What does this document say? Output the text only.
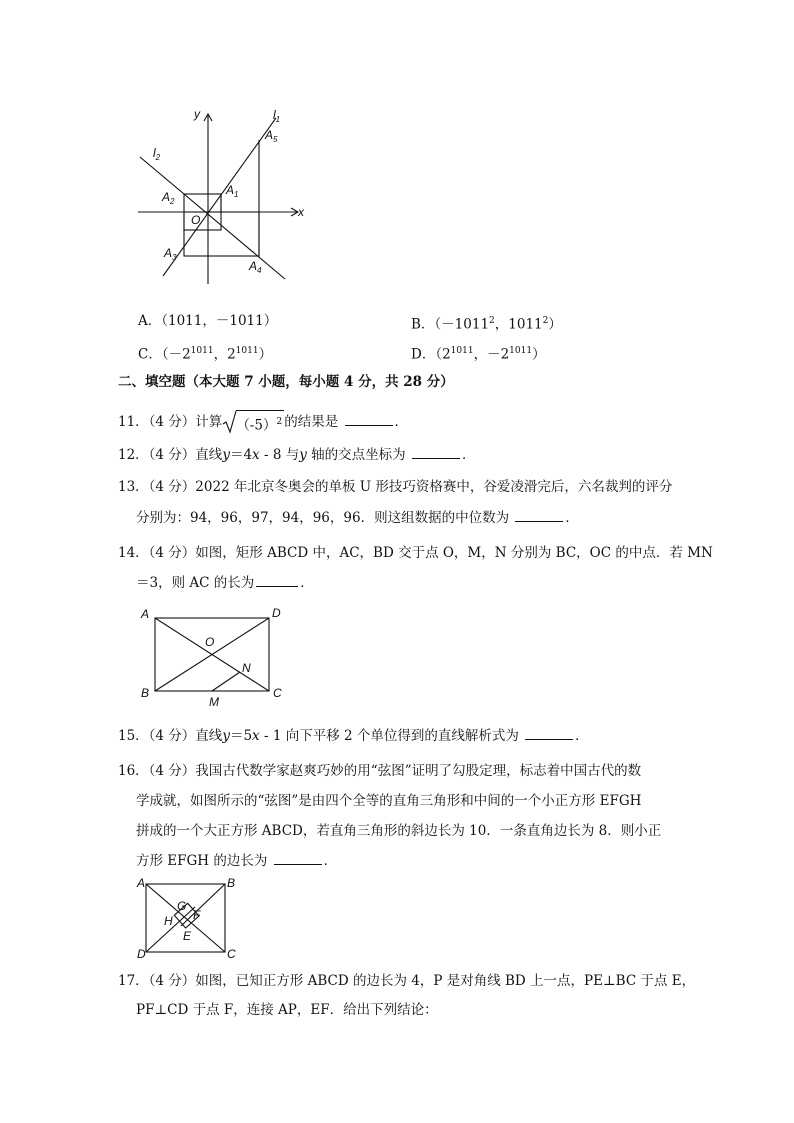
y
x
$l_1$
$l_2$
$A_5$
$A_1$
$A_2$
O
$A_3$
$A_4$
A．（1011，－1011）	B．（$-1011^2$，1011$^2$）
C．（$-2^{1011}$，$2^{1011}$）	D．（$2^{1011}$，$-2^{1011}$）
二、填空题（本大题 7 小题，每小题 4 分，共 28 分）
11．（4 分）计算 $(-5)^2$ 的结果是	．
12．（4 分）直线y＝4x - 8 与y 轴的交点坐标为	．
13．（4 分）2022 年北京冬奥会的单板 U 形技巧资格赛中，谷爱凌滑完后，六名裁判的评分
分别为：94，96，97，94，96，96．则这组数据的中位数为	．
14．（4 分）如图，矩形 ABCD 中，AC，BD 交于点 O，M，N 分别为 BC，OC 的中点．若 MN
＝3，则 AC 的长为	．
A	D
B	C
O
N
M
15．（4 分）直线y＝5x - 1 向下平移 2 个单位得到的直线解析式为	．
16．（4 分）我国古代数学家赵爽巧妙的用“弦图”证明了勾股定理，标志着中国古代的数
学成就，如图所示的“弦图”是由四个全等的直角三角形和中间的一个小正方形 EFGH
拼成的一个大正方形 ABCD，若直角三角形的斜边长为 10．一条直角边长为 8．则小正
方形 EFGH 的边长为	．
A	B
D	C
G
H F
E
17．（4 分）如图，已知正方形 ABCD 的边长为 4，P 是对角线 BD 上一点，PE⊥BC 于点 E，
PF⊥CD 于点 F，连接 AP，EF．给出下列结论：
